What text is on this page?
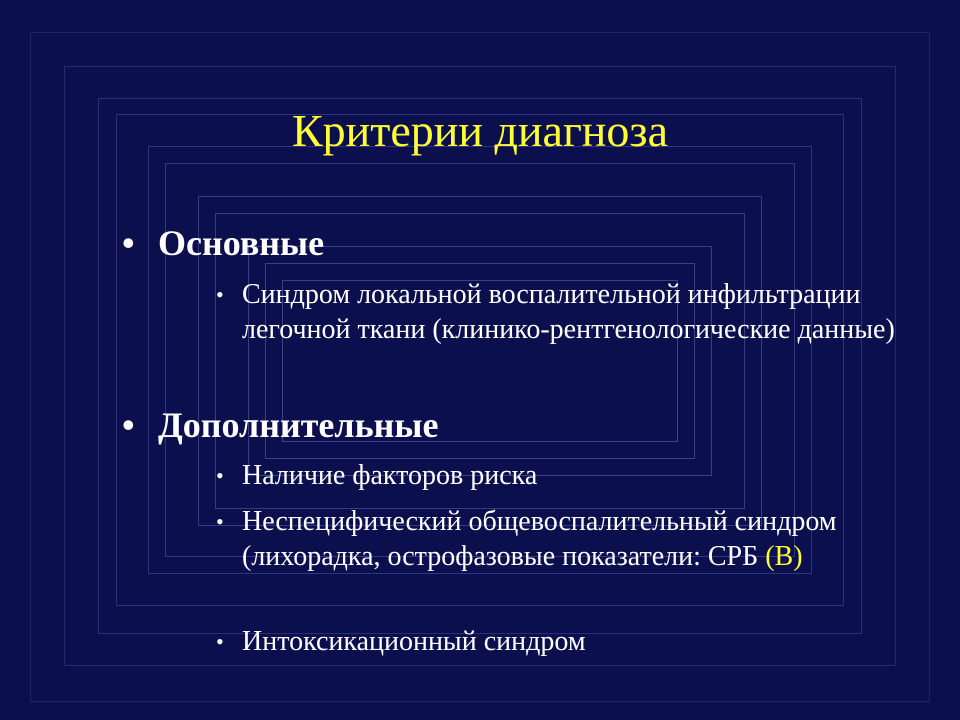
Критерии диагноза
• Основные
• Синдром локальной воспалительной инфильтрации легочной ткани (клинико-рентгенологические данные)
• Дополнительные
• Наличие факторов риска
• Неспецифический общевоспалительный синдром (лихорадка, острофазовые показатели: СРБ (В)
• Интоксикационный синдром
